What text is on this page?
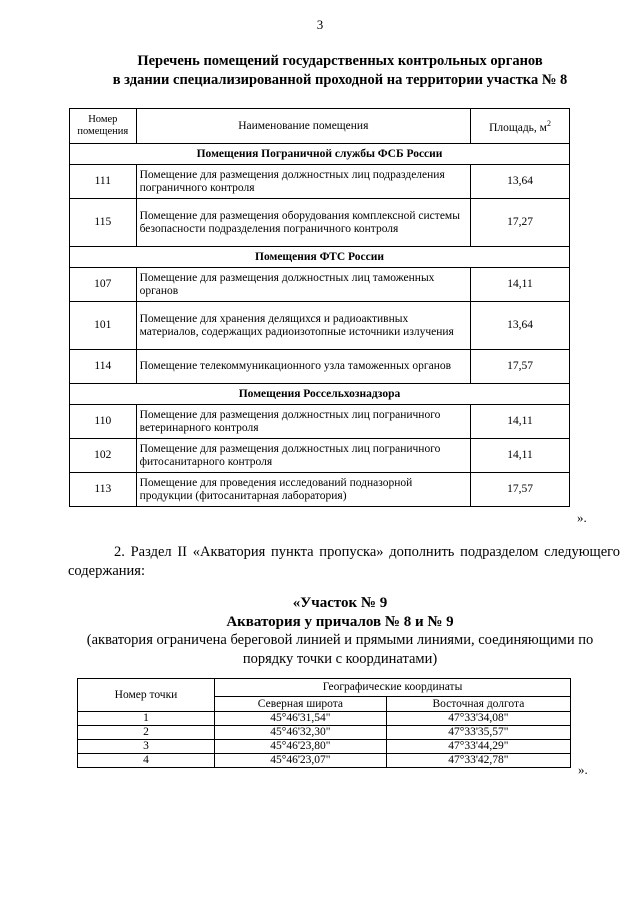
3
Перечень помещений государственных контрольных органов
в здании специализированной проходной на территории участка № 8
Номер помещения	Наименование помещения	Площадь, $м^2$
Помещения Пограничной службы ФСБ России		
111	Помещение для размещения должностных лиц подразделения пограничного контроля	13,64
115	Помещение для размещения оборудования комплексной системы безопасности подразделения пограничного контроля	17,27
Помещения ФТС России		
107	Помещение для размещения должностных лиц таможенных органов	14,11
101	Помещение для хранения делящихся и радиоактивных материалов, содержащих радиоизотопные источники излучения	13,64
114	Помещение телекоммуникационного узла таможенных органов	17,57
Помещения Россельхознадзора		
110	Помещение для размещения должностных лиц пограничного ветеринарного контроля	14,11
102	Помещение для размещения должностных лиц пограничного фитосанитарного контроля	14,11
113	Помещение для проведения исследований подназорной продукции (фитосанитарная лаборатория)	17,57
».
2. Раздел II «Акватория пункта пропуска» дополнить подразделом следующего содержания:
«Участок № 9
Акватория у причалов № 8 и № 9
(акватория ограничена береговой линией и прямыми линиями, соединяющими по порядку точки с координатами)
Номер точки	Географические координаты	
	Северная широта	Восточная долгота
1	45°46'31,54"	47°33'34,08"
2	45°46'32,30"	47°33'35,57"
3	45°46'23,80"	47°33'44,29"
4	45°46'23,07"	47°33'42,78"
».
